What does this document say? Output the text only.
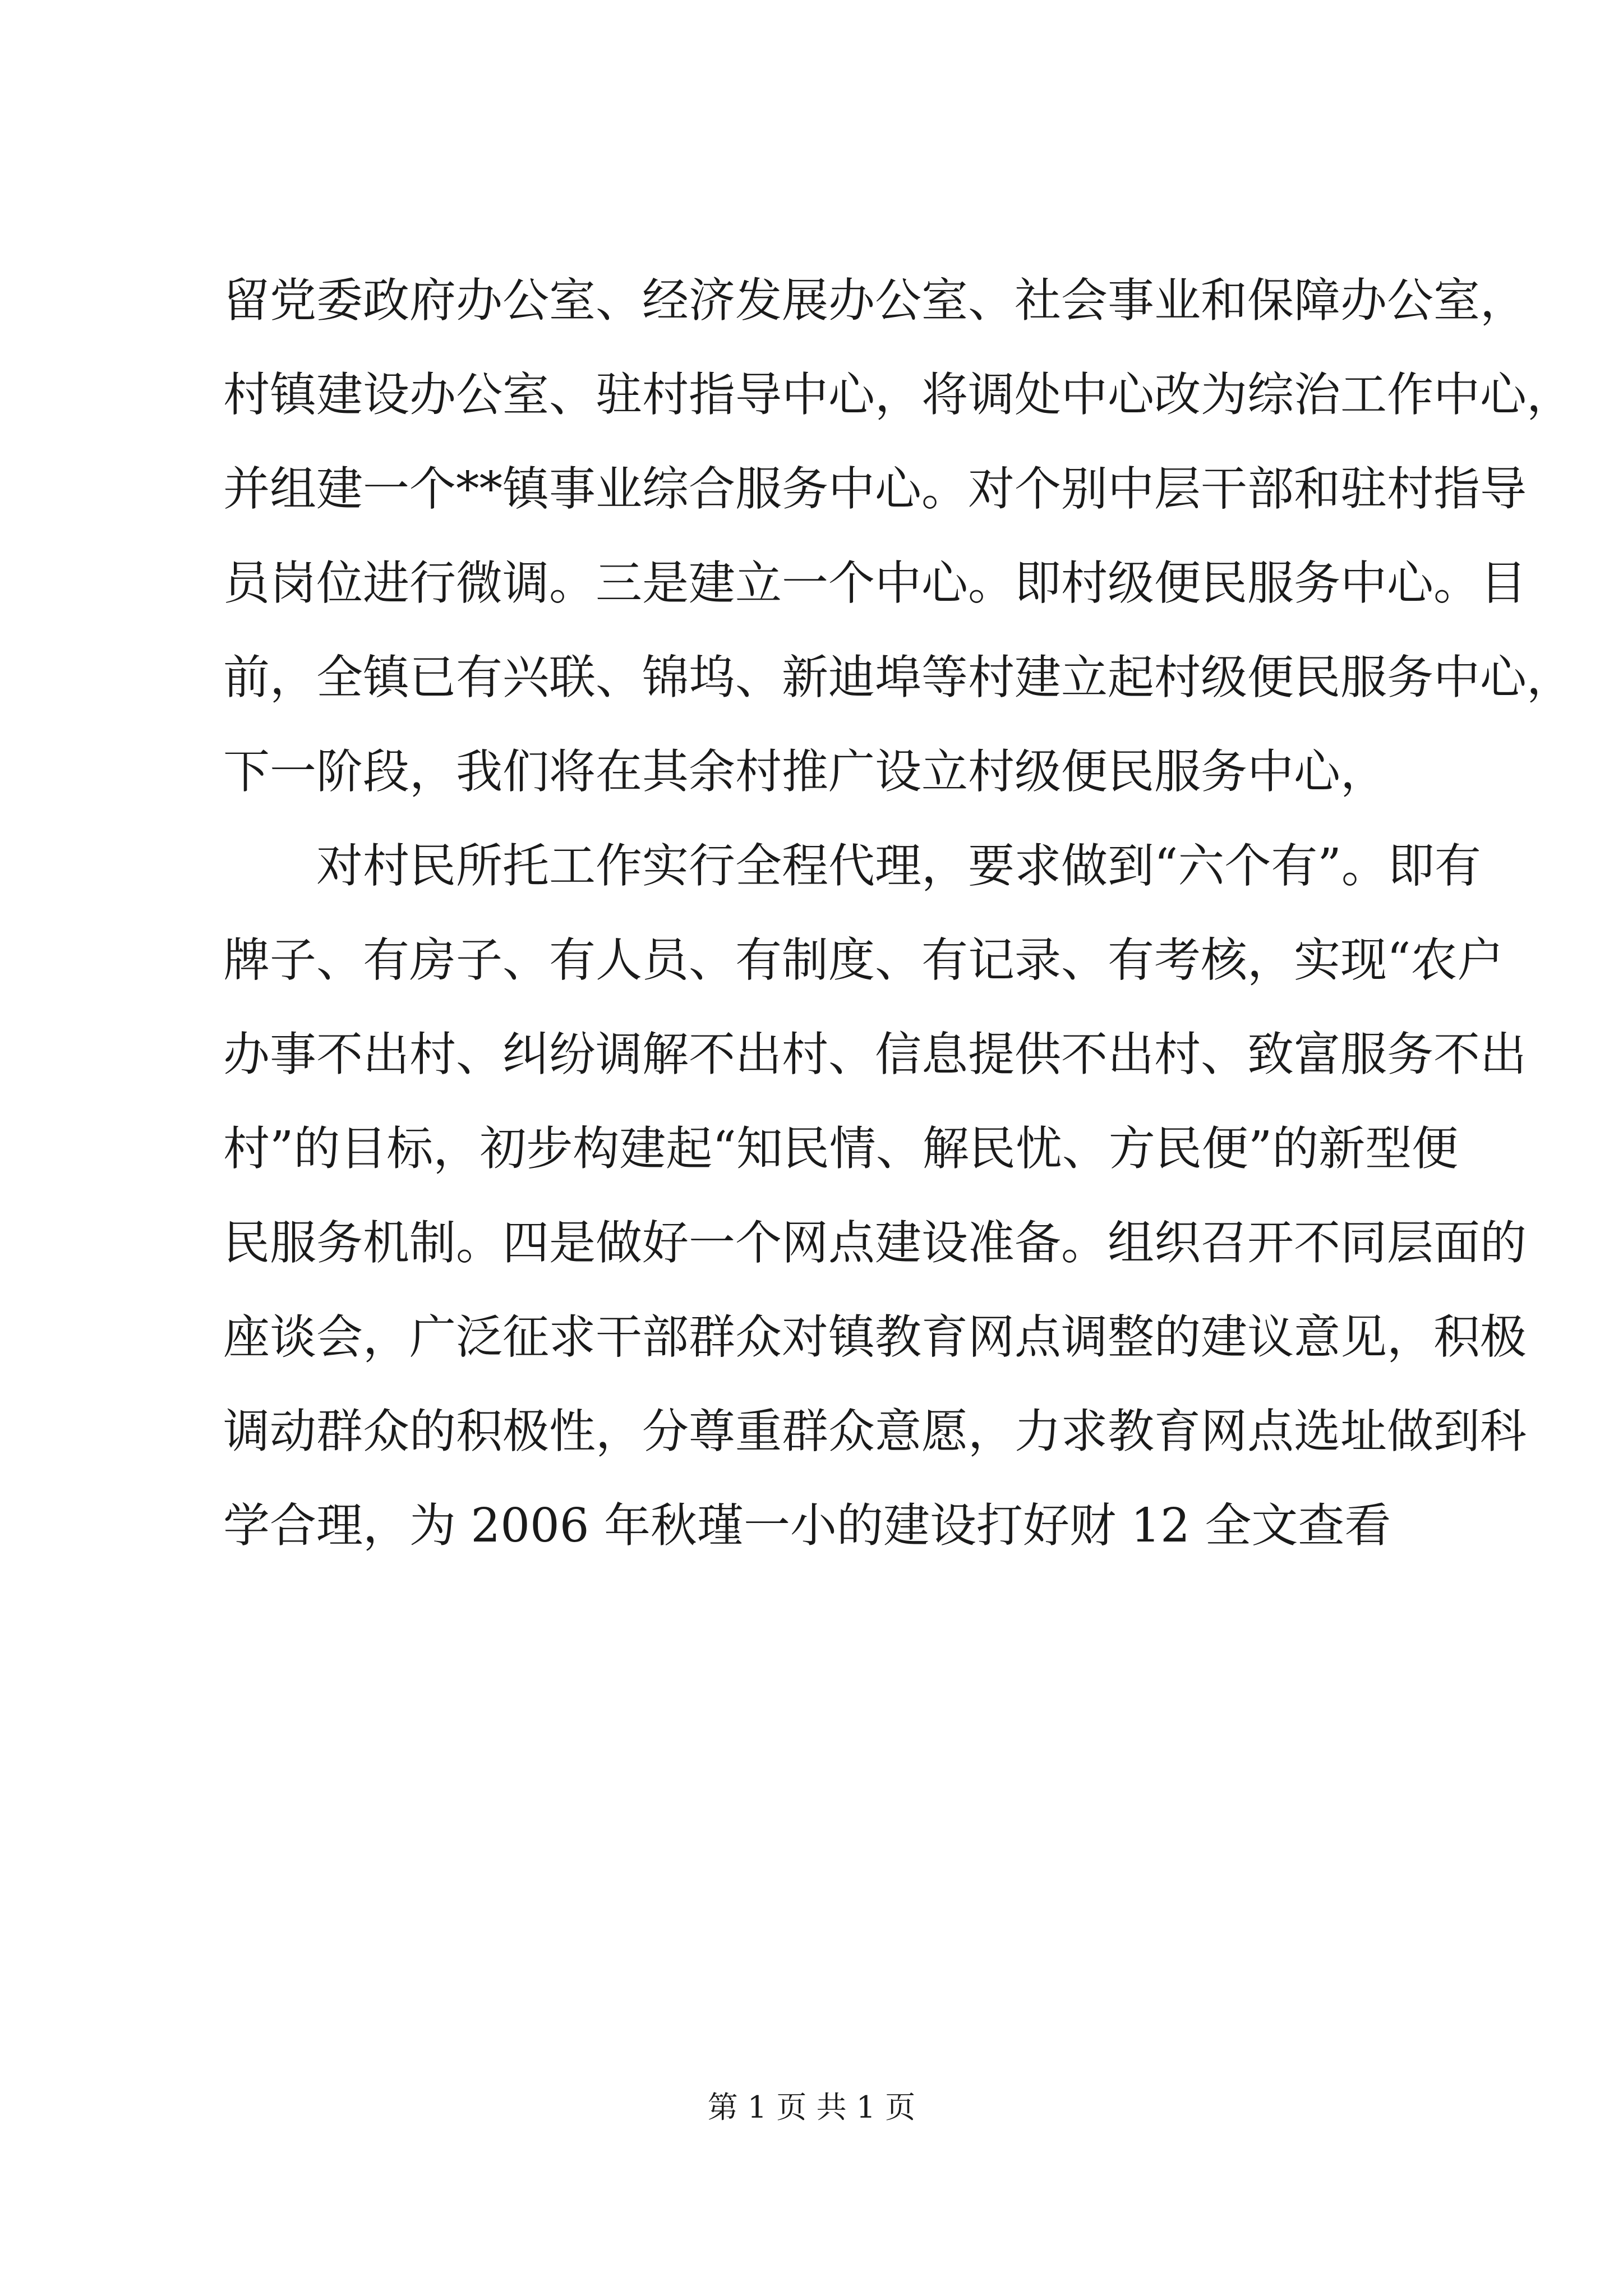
留党委政府办公室、经济发展办公室、社会事业和保障办公室，
村镇建设办公室、驻村指导中心，将调处中心改为综治工作中心，
并组建一个**镇事业综合服务中心。对个别中层干部和驻村指导
员岗位进行微调。三是建立一个中心。即村级便民服务中心。目
前，全镇已有兴联、锦坞、新迪埠等村建立起村级便民服务中心，
下一阶段，我们将在其余村推广设立村级便民服务中心，
对村民所托工作实行全程代理，要求做到“六个有”。即有
牌子、有房子、有人员、有制度、有记录、有考核，实现“农户
办事不出村、纠纷调解不出村、信息提供不出村、致富服务不出
村”的目标，初步构建起“知民情、解民忧、方民便”的新型便
民服务机制。四是做好一个网点建设准备。组织召开不同层面的
座谈会，广泛征求干部群众对镇教育网点调整的建议意见，积极
调动群众的积极性，分尊重群众意愿，力求教育网点选址做到科
学合理，为 2006 年秋瑾一小的建设打好财 12 全文查看
第 1 页 共 1 页
